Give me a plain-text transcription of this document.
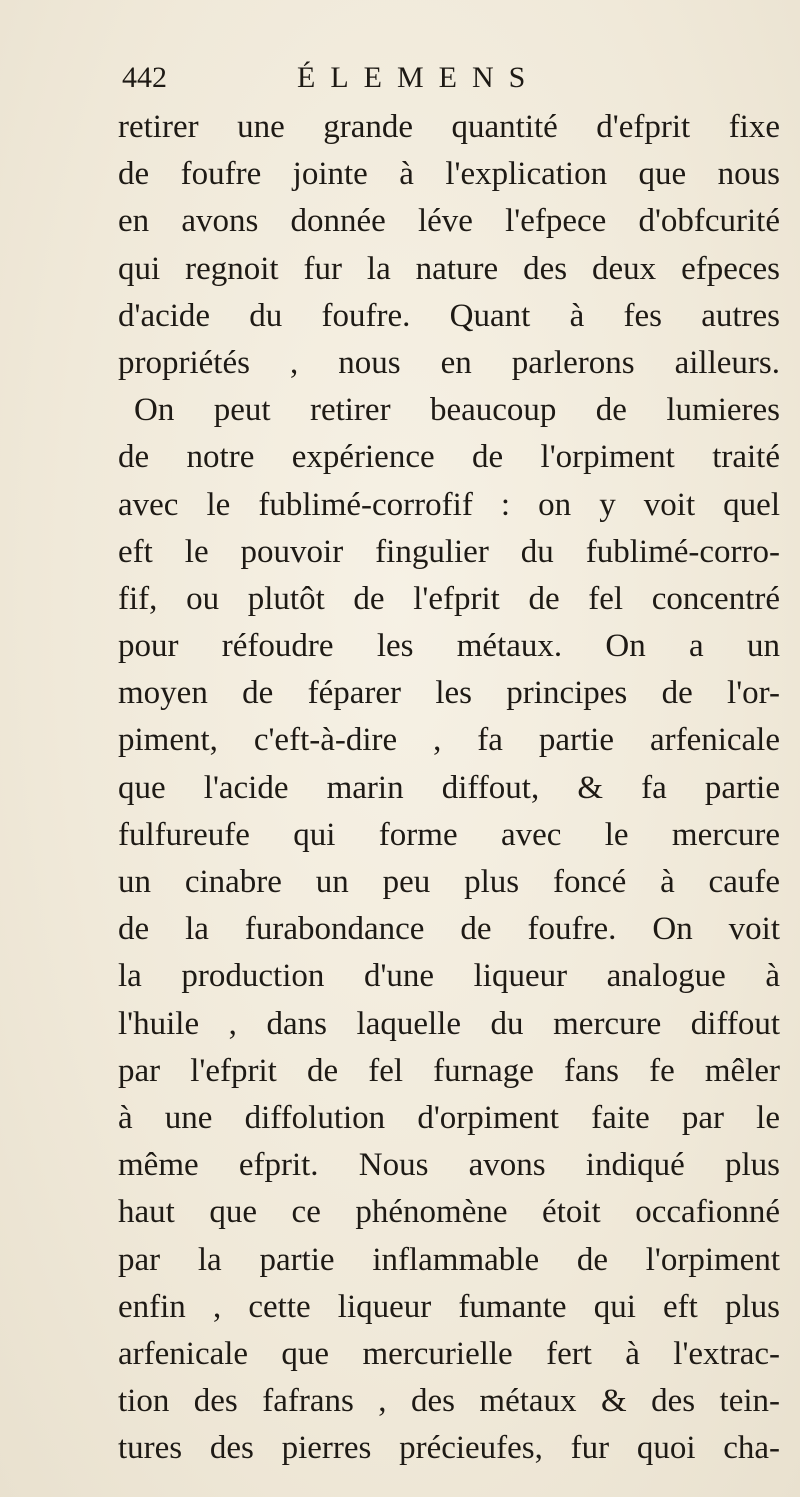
442	ÉLEMENS
retirer une grande quantité d'efprit fixe
de foufre jointe à l'explication que nous
en avons donnée léve l'efpece d'obfcurité
qui regnoit fur la nature des deux efpeces
d'acide du foufre. Quant à fes autres
propriétés , nous en parlerons ailleurs.
On peut retirer beaucoup de lumieres
de notre expérience de l'orpiment traité
avec le fublimé-corrofif : on y voit quel
eft le pouvoir fingulier du fublimé-corro-
fif, ou plutôt de l'efprit de fel concentré
pour réfoudre les métaux. On a un
moyen de féparer les principes de l'or-
piment, c'eft-à-dire , fa partie arfenicale
que l'acide marin diffout, & fa partie
fulfureufe qui forme avec le mercure
un cinabre un peu plus foncé à caufe
de la furabondance de foufre. On voit
la production d'une liqueur analogue à
l'huile , dans laquelle du mercure diffout
par l'efprit de fel furnage fans fe mêler
à une diffolution d'orpiment faite par le
même efprit. Nous avons indiqué plus
haut que ce phénomène étoit occafionné
par la partie inflammable de l'orpiment
enfin , cette liqueur fumante qui eft plus
arfenicale que mercurielle fert à l'extrac-
tion des fafrans , des métaux & des tein-
tures des pierres précieufes, fur quoi cha-
